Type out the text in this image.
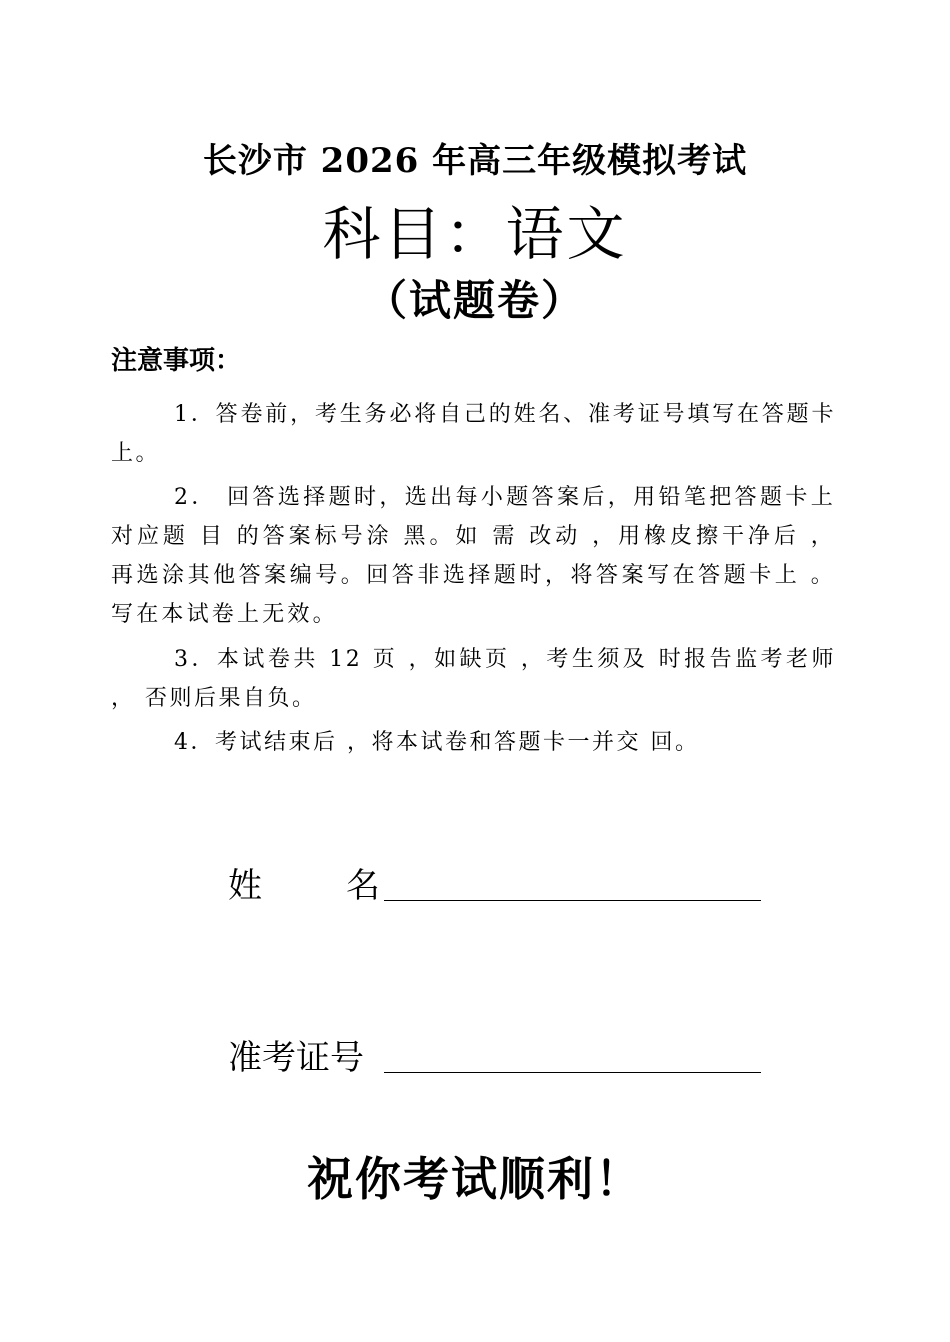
长沙市 2026 年高三年级模拟考试
科目：语文
（试题卷）
注意事项：
1．答卷前，考生务必将自己的姓名、准考证号填写在答题卡上。
2． 回答选择题时，选出每小题答案后，用铅笔把答题卡上对应题 目 的答案标号涂 黑。如 需 改动 ，用橡皮擦干净后 ，再选涂其他答案编号。回答非选择题时，将答案写在答题卡上 。 写在本试卷上无效。
3．本试卷共 12 页 ，如缺页 ，考生须及 时报告监考老师 ， 否则后果自负。
4．考试结束后 ，将本试卷和答题卡一并交 回。
姓名
准考证号
祝你考试顺利！
